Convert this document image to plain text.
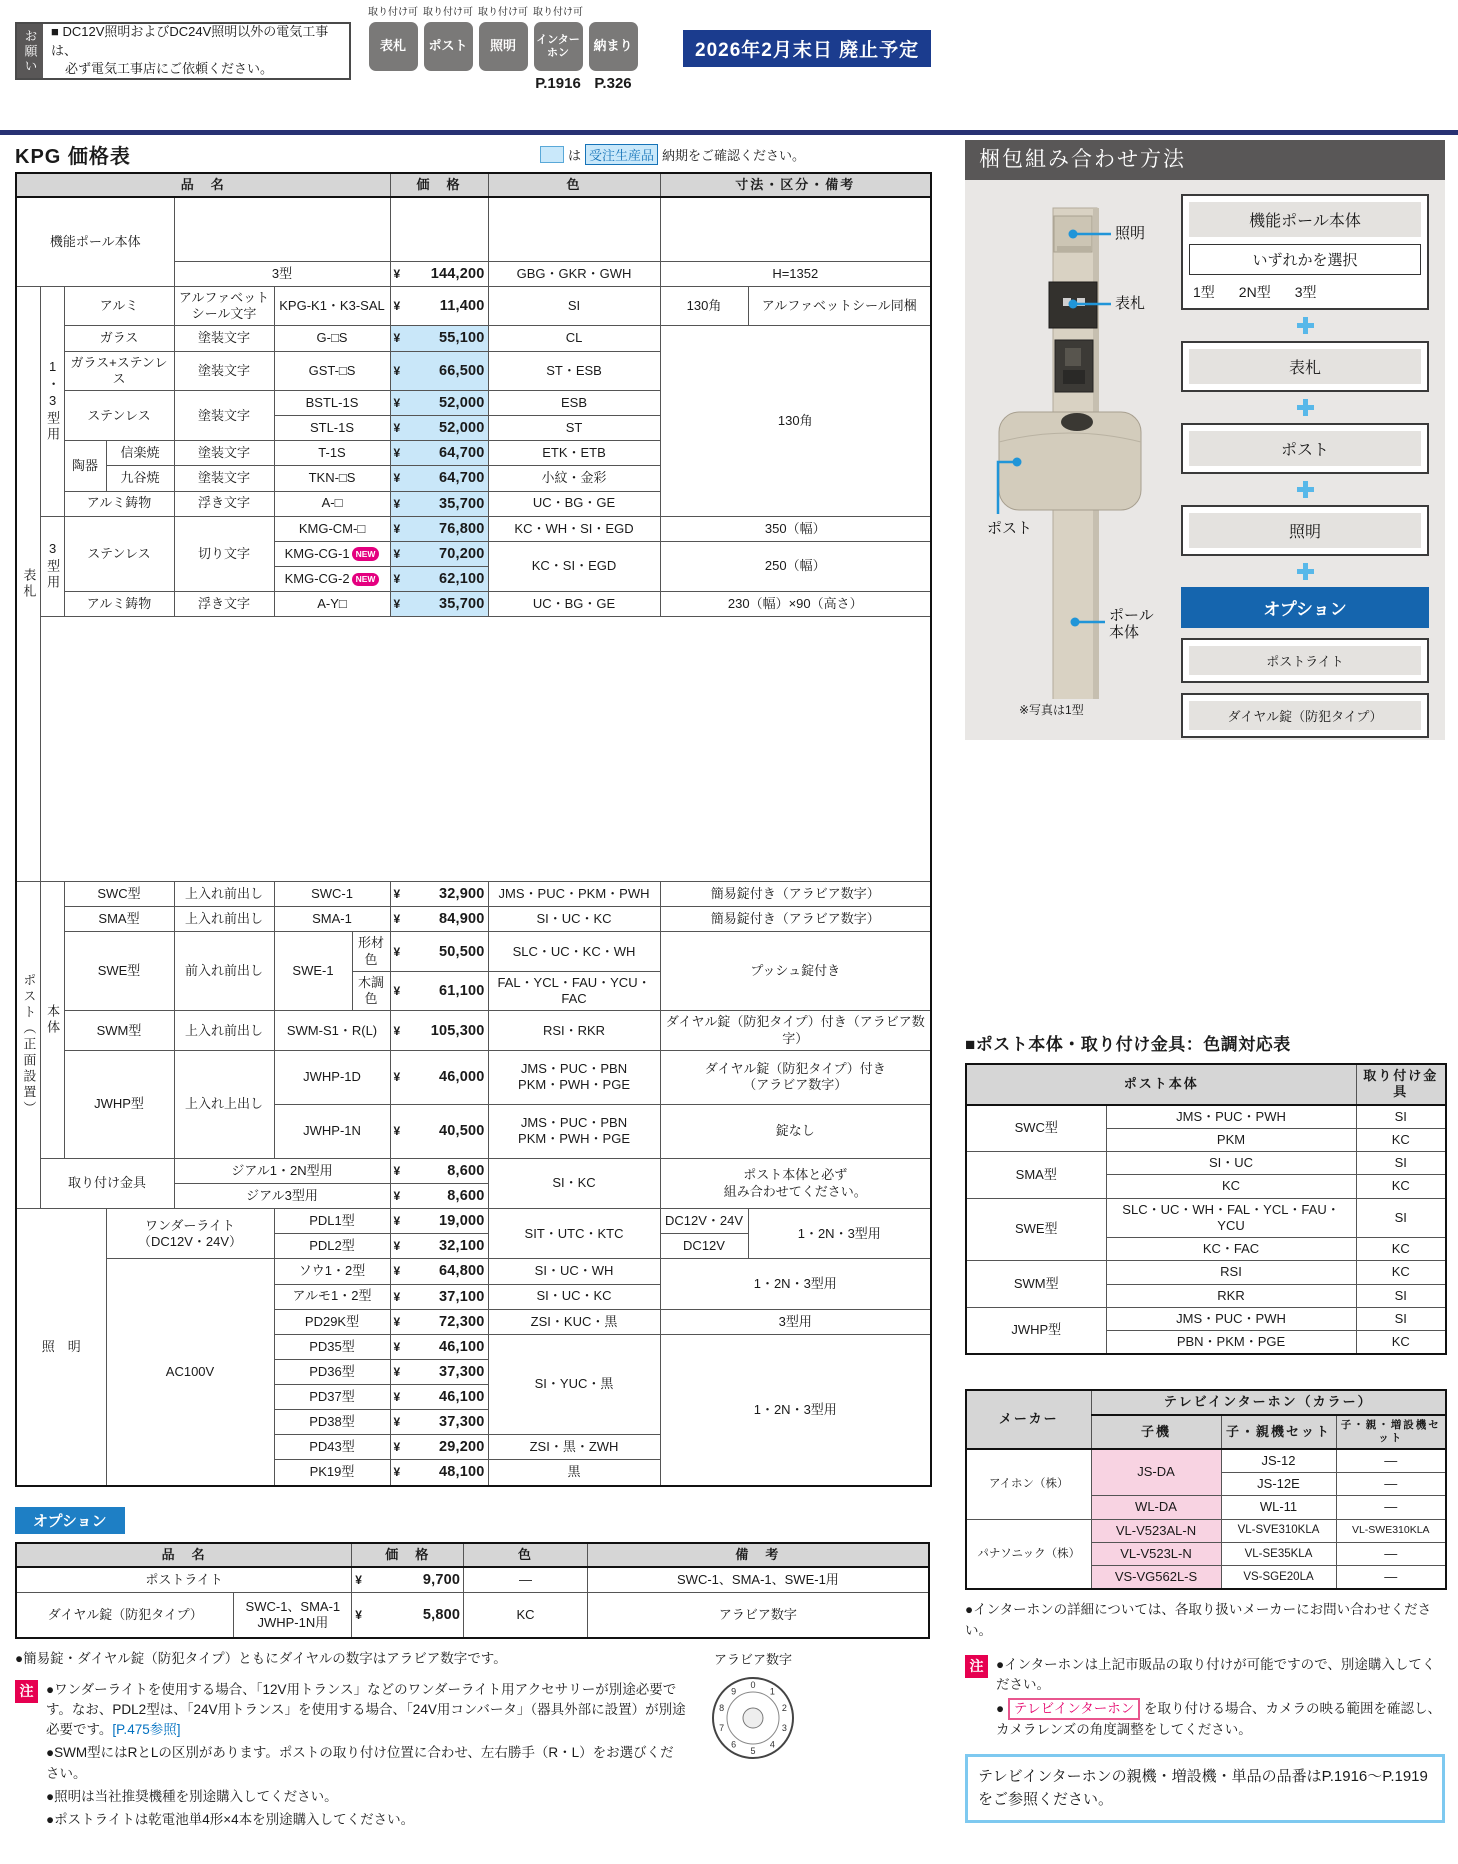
お願い	■ DC12V照明およびDC24V照明以外の電気工事は、
必ず電気工事店にご依頼ください。
取り付け可
表札
取り付け可
ポスト
取り付け可
照明
取り付け可
インターホン
P.1916
納まり
P.326
2026年2月末日 廃止予定
KPG 価格表	は 受注生産品 納期をご確認ください。
品　名							価　格	色	寸法・区分・備考	
機能ポール本体										
				3型			¥ 144,200	GBG・GKR・GWH	H=1352	
表札	1・3型用	アルミ		アルファベットシール文字	KPG-K1・K3-SAL		¥ 11,400	SI	130角	アルファベットシール同梱
		ガラス		塗装文字	G-□S		¥ 55,100	CL	130角	
		ガラス+ステンレス		塗装文字	GST-□S		¥ 66,500	ST・ESB		
		ステンレス		塗装文字	BSTL-1S		¥ 52,000	ESB		
					STL-1S		¥ 52,000	ST		
		陶器	信楽焼	塗装文字	T-1S		¥ 64,700	ETK・ETB		
			九谷焼	塗装文字	TKN-□S		¥ 64,700	小紋・金彩		
		アルミ鋳物		浮き文字	A-□		¥ 35,700	UC・BG・GE		
	3型用	ステンレス		切り文字	KMG-CM-□		¥ 76,800	KC・WH・SI・EGD	350（幅）	
					KMG-CG-1 NEW		¥ 70,200	KC・SI・EGD	250（幅）	
					KMG-CG-2 NEW		¥ 62,100			

		アルミ鋳物		浮き文字	A-Y□		¥ 35,700	UC・BG・GE	230（幅）×90（高さ）	

ポスト（正面設置）	本体	SWC型		上入れ前出し	SWC-1		¥ 32,900	JMS・PUC・PKM・PWH	簡易錠付き（アラビア数字）	
		SMA型		上入れ前出し	SMA-1		¥ 84,900	SI・UC・KC	簡易錠付き（アラビア数字）	
		SWE型		前入れ前出し	SWE-1	形材色	¥ 50,500	SLC・UC・KC・WH	プッシュ錠付き	
						木調色	¥ 61,100	FAL・YCL・FAU・YCU・FAC		
		SWM型		上入れ前出し	SWM-S1・R(L)		¥ 105,300	RSI・RKR	ダイヤル錠（防犯タイプ）付き（アラビア数字）	
		JWHP型		上入れ上出し	JWHP-1D		¥ 46,000	JMS・PUC・PBN
PKM・PWH・PGE	ダイヤル錠（防犯タイプ）付き
（アラビア数字）	
					JWHP-1N		¥ 40,500	JMS・PUC・PBN
PKM・PWH・PGE	錠なし	
	取り付け金具			ジアル1・2N型用			¥ 8,600	SI・KC	ポスト本体と必ず
組み合わせてください。	
				ジアル3型用			¥ 8,600			

照　明			ワンダーライト
（DC12V・24V）		PDL1型		¥ 19,000	SIT・UTC・KTC	DC12V・24V	1・2N・3型用
					PDL2型		¥ 32,100		DC12V	
			AC100V		ソウ1・2型		¥ 64,800	SI・UC・WH	1・2N・3型用	
					アルモ1・2型		¥ 37,100	SI・UC・KC		
					PD29K型		¥ 72,300	ZSI・KUC・黒	3型用	
					PD35型		¥ 46,100	SI・YUC・黒	1・2N・3型用	
					PD36型		¥ 37,300			

					PD37型		¥ 46,100			

					PD38型		¥ 37,300			

					PD43型		¥ 29,200	ZSI・黒・ZWH		
					PK19型		¥ 48,100	黒		
オプション
品　名		価　格	色	備　考
ポストライト		¥ 9,700	―	SWC-1、SMA-1、SWE-1用
ダイヤル錠（防犯タイプ）	SWC-1、SMA-1
JWHP-1N用	¥ 5,800	KC	アラビア数字
●簡易錠・ダイヤル錠（防犯タイプ）ともにダイヤルの数字はアラビア数字です。
注 ●ワンダーライトを使用する場合、「12V用トランス」などのワンダーライト用アクセサリーが別途必要です。なお、PDL2型は、「24V用トランス」を使用する場合、「24V用コンバータ」（器具外部に設置）が別途必要です。[P.475参照]
●SWM型にはRとLの区別があります。ポストの取り付け位置に合わせ、左右勝手（R・L）をお選びください。
●照明は当社推奨機種を別途購入してください。
●ポストライトは乾電池単4形×4本を別途購入してください。
アラビア数字
0
1
2
3
4
5
6
7
8
9
梱包組み合わせ方法
照明
表札
ポスト
ポール本体
※写真は1型
機能ポール本体
いずれかを選択
1型 2N型 3型
表札
ポスト
照明
オプション
ポストライト
ダイヤル錠（防犯タイプ）
■ポスト本体・取り付け金具：色調対応表
ポスト本体		取り付け金具
SWC型	JMS・PUC・PWH	SI
	PKM	KC
SMA型	SI・UC	SI
	KC	KC
SWE型	SLC・UC・WH・FAL・YCL・FAU・YCU	SI
	KC・FAC	KC
SWM型	RSI	KC
	RKR	SI
JWHP型	JMS・PUC・PWH	SI
	PBN・PKM・PGE	KC
メーカー	テレビインターホン（カラー）		
	子機	子・親機セット	子・親・増設機セット
アイホン（株）	JS-DA	JS-12	―
		JS-12E	―
	WL-DA	WL-11	―
パナソニック（株）	VL-V523AL-N	VL-SVE310KLA	VL-SWE310KLA
	VL-V523L-N	VL-SE35KLA	―
	VS-VG562L-S	VS-SGE20LA	―
●インターホンの詳細については、各取り扱いメーカーにお問い合わせください。
注 ●インターホンは上記市販品の取り付けが可能ですので、別途購入してください。
● テレビインターホン を取り付ける場合、カメラの映る範囲を確認し、カメラレンズの角度調整をしてください。
テレビインターホンの親機・増設機・単品の品番はP.1916～P.1919をご参照ください。
